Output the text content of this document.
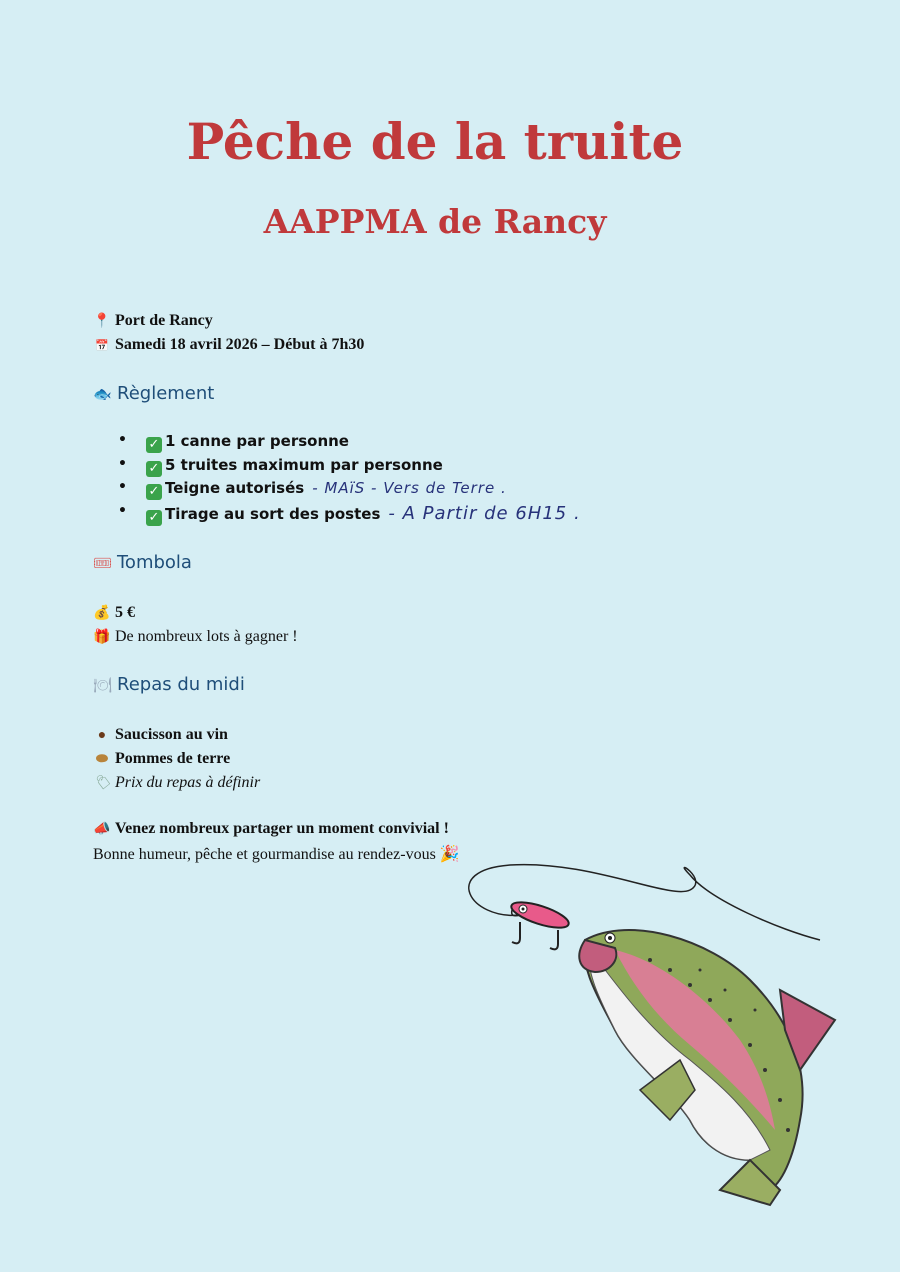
Pêche de la truite
AAPPMA de Rancy
📍 Port de Rancy
📅 Samedi 18 avril 2026 – Début à 7h30
🐟 Règlement
• ✓ 1 canne par personne
• ✓ 5 truites maximum par personne
• ✓ Teigne autorisés - MAïS - Vers de Terre .
• ✓ Tirage au sort des postes - A Partir de 6H15 .
🎟 Tombola
💰 5 €
🎁 De nombreux lots à gagner !
🍽 Repas du midi
● Saucisson au vin
⬬ Pommes de terre
🏷 Prix du repas à définir
📣 Venez nombreux partager un moment convivial !
Bonne humeur, pêche et gourmandise au rendez-vous 🎉
